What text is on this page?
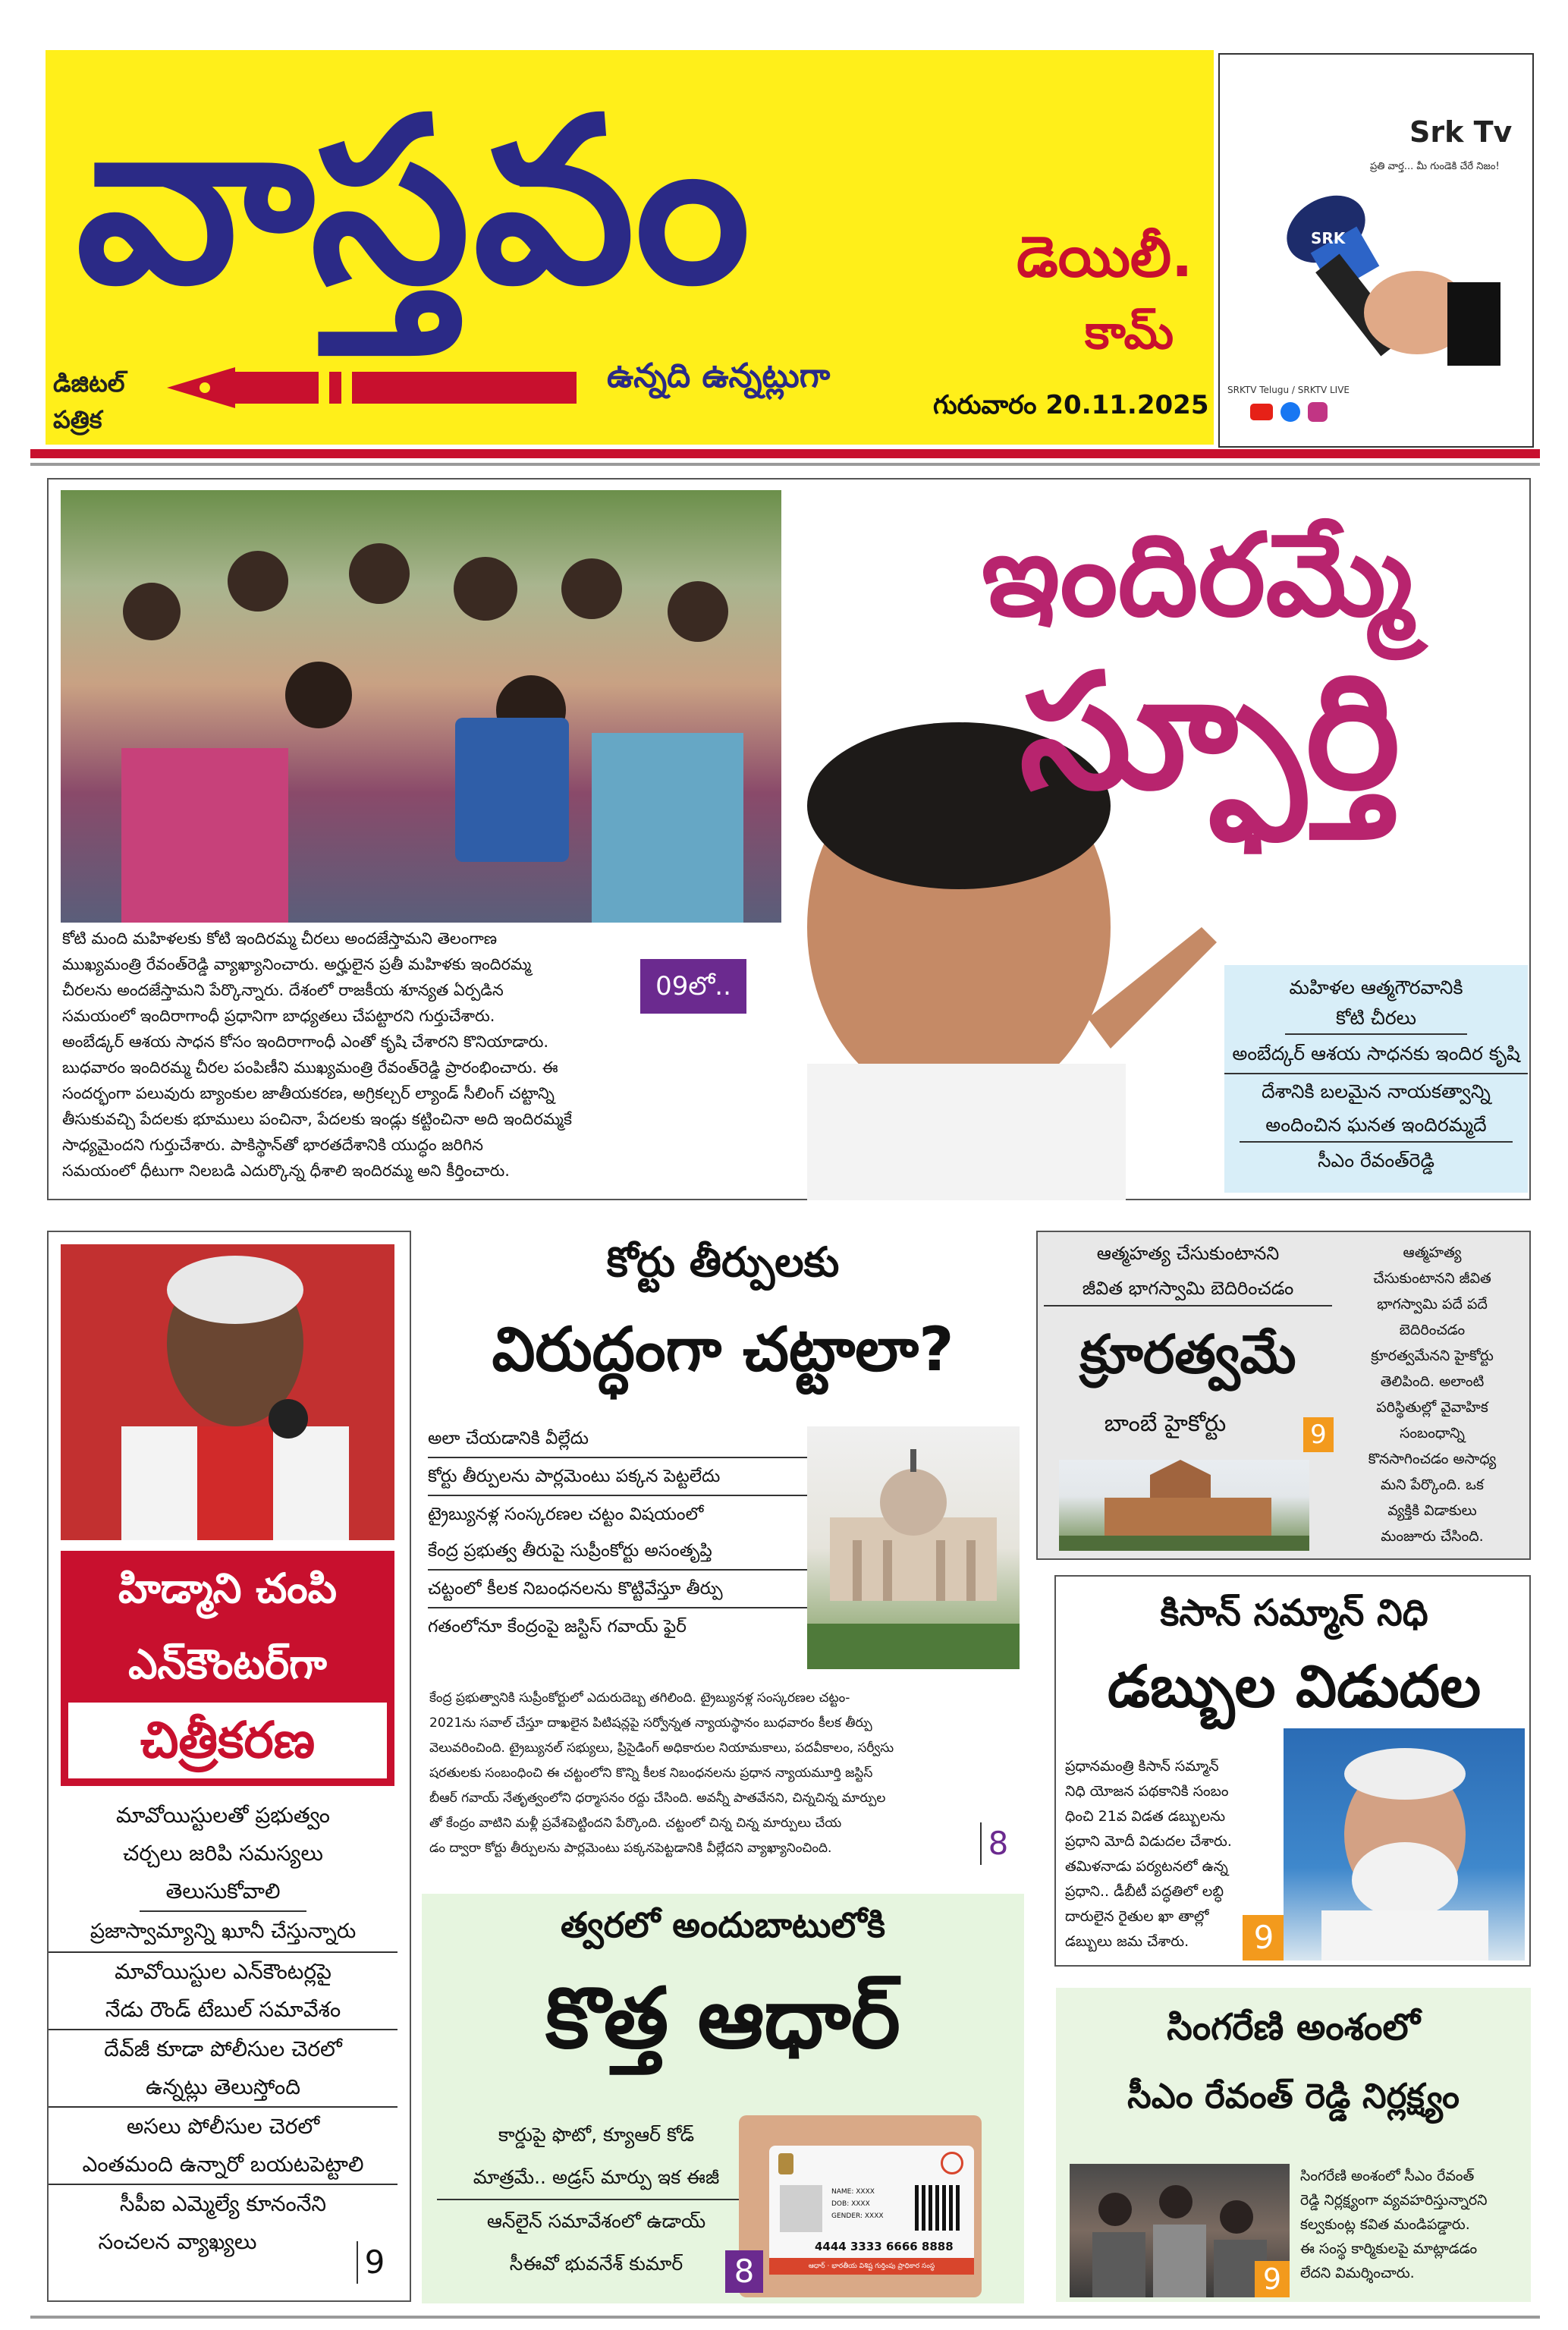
వాస్తవం	డెయిలీ.
కామ్
ఉన్నది ఉన్నట్లుగా
డిజిటల్
పత్రిక	గురువారం 20.11.2025
Srk Tv
ప్రతి వార్త... మీ గుండెకి చేరే నిజం!
SRK
SRKTV Telugu / SRKTV LIVE
ఇందిరమ్మే
స్ఫూర్తి
కోటి మంది మహిళలకు కోటి ఇందిరమ్మ చీరలు అందజేస్తామని తెలంగాణ
ముఖ్యమంత్రి రేవంత్‌రెడ్డి వ్యాఖ్యానించారు. అర్హులైన ప్రతీ మహిళకు ఇందిరమ్మ
చీరలను అందజేస్తామని పేర్కొన్నారు. దేశంలో రాజకీయ శూన్యత ఏర్పడిన
సమయంలో ఇందిరాగాంధీ ప్రధానిగా బాధ్యతలు చేపట్టారని గుర్తుచేశారు.
అంబేడ్కర్ ఆశయ సాధన కోసం ఇందిరాగాంధీ ఎంతో కృషి చేశారని కొనియాడారు.
బుధవారం ఇందిరమ్మ చీరల పంపిణీని ముఖ్యమంత్రి రేవంత్‌రెడ్డి ప్రారంభించారు. ఈ
సందర్భంగా పలువురు బ్యాంకుల జాతీయకరణ, అగ్రికల్చర్ ల్యాండ్ సీలింగ్ చట్టాన్ని
తీసుకువచ్చి పేదలకు భూములు పంచినా, పేదలకు ఇండ్లు కట్టించినా అది ఇందిరమ్మకే
సాధ్యమైందని గుర్తుచేశారు. పాకిస్థాన్‌తో భారతదేశానికి యుద్ధం జరిగిన
సమయంలో ధీటుగా నిలబడి ఎదుర్కొన్న ధీశాలి ఇందిరమ్మ అని కీర్తించారు.
09లో..	మహిళల ఆత్మగౌరవానికి
కోటి చీరలు
అంబేద్కర్ ఆశయ సాధనకు ఇందిర కృషి
దేశానికి బలమైన నాయకత్వాన్ని
అందించిన ఘనత ఇందిరమ్మదే
సీఎం రేవంత్‌రెడ్డి
హిడ్మాని చంపి
ఎన్‌కౌంటర్‌గా
చిత్రీకరణ
మావోయిస్టులతో ప్రభుత్వం
చర్చలు జరిపి సమస్యలు
తెలుసుకోవాలి
ప్రజాస్వామ్యాన్ని ఖూనీ చేస్తున్నారు
మావోయిస్టుల ఎన్‌కౌంటర్లపై
నేడు రౌండ్ టేబుల్ సమావేశం
దేవ్‌జీ కూడా పోలీసుల చెరలో
ఉన్నట్లు తెలుస్తోంది
అసలు పోలీసుల చెరలో
ఎంతమంది ఉన్నారో బయటపెట్టాలి
సీపీఐ ఎమ్మెల్యే కూనంనేని
సంచలన వ్యాఖ్యలు
9
కోర్టు తీర్పులకు
విరుద్ధంగా చట్టాలా?
అలా చేయడానికి వీల్లేదు
కోర్టు తీర్పులను పార్లమెంటు పక్కన పెట్టలేదు
ట్రైబ్యునళ్ల సంస్కరణల చట్టం విషయంలో
కేంద్ర ప్రభుత్వ తీరుపై సుప్రీంకోర్టు అసంతృప్తి
చట్టంలో కీలక నిబంధనలను కొట్టివేస్తూ తీర్పు
గతంలోనూ కేంద్రంపై జస్టిస్ గవాయ్ ఫైర్
కేంద్ర ప్రభుత్వానికి సుప్రీంకోర్టులో ఎదురుదెబ్బ తగిలింది. ట్రైబ్యునళ్ల సంస్కరణల చట్టం-
2021ను సవాల్ చేస్తూ దాఖలైన పిటిషన్లపై సర్వోన్నత న్యాయస్థానం బుధవారం కీలక తీర్పు
వెలువరించింది. ట్రైబ్యునల్ సభ్యులు, ప్రిసైడింగ్ అధికారుల నియామకాలు, పదవీకాలం, సర్వీసు
షరతులకు సంబంధించి ఈ చట్టంలోని కొన్ని కీలక నిబంధనలను ప్రధాన న్యాయమూర్తి జస్టిస్
బీఆర్ గవాయ్ నేతృత్వంలోని ధర్మాసనం రద్దు చేసింది. అవన్నీ పాతవేనని, చిన్నచిన్న మార్పుల
తో కేంద్రం వాటిని మళ్లీ ప్రవేశపెట్టిందని పేర్కొంది. చట్టంలో చిన్న చిన్న మార్పులు చేయ
డం ద్వారా కోర్టు తీర్పులను పార్లమెంటు పక్కనపెట్టడానికి వీల్లేదని వ్యాఖ్యానించింది.	8
త్వరలో అందుబాటులోకి
కొత్త ఆధార్
కార్డుపై ఫొటో, క్యూఆర్ కోడ్
మాత్రమే.. అడ్రస్ మార్పు ఇక ఈజీ
ఆన్‌లైన్ సమావేశంలో ఉడాయ్
సీఈవో భువనేశ్ కుమార్
NAME: XXXX
DOB: XXXX
GENDER: XXXX
4444 3333 6666 8888
ఆధార్ · భారతీయ విశిష్ట గుర్తింపు ప్రాధికార సంస్థ
8
ఆత్మహత్య చేసుకుంటానని
జీవిత భాగస్వామి బెదిరించడం
క్రూరత్వమే
బాంబే హైకోర్టు	9
ఆత్మహత్య
చేసుకుంటానని జీవిత
భాగస్వామి పదే పదే
బెదిరించడం
క్రూరత్వమేనని హైకోర్టు
తెలిపింది. అలాంటి
పరిస్థితుల్లో వైవాహిక
సంబంధాన్ని
కొనసాగించడం అసాధ్య
మని పేర్కొంది. ఒక
వ్యక్తికి విడాకులు
మంజూరు చేసింది.
కిసాన్ సమ్మాన్ నిధి
డబ్బుల విడుదల
ప్రధానమంత్రి కిసాన్ సమ్మాన్
నిధి యోజన పథకానికి సంబం
ధించి 21వ విడత డబ్బులను
ప్రధాని మోదీ విడుదల చేశారు.
తమిళనాడు పర్యటనలో ఉన్న
ప్రధాని.. డీబీటీ పద్ధతిలో లబ్ధి
దారులైన రైతుల ఖా తాల్లో
డబ్బులు జమ చేశారు.	9
సింగరేణి అంశంలో
సీఎం రేవంత్ రెడ్డి నిర్లక్ష్యం
9
సింగరేణి అంశంలో సీఎం రేవంత్
రెడ్డి నిర్లక్ష్యంగా వ్యవహరిస్తున్నారని
కల్వకుంట్ల కవిత మండిపడ్డారు.
ఈ సంస్థ కార్మికులపై మాట్లాడడం
లేదని విమర్శించారు.
